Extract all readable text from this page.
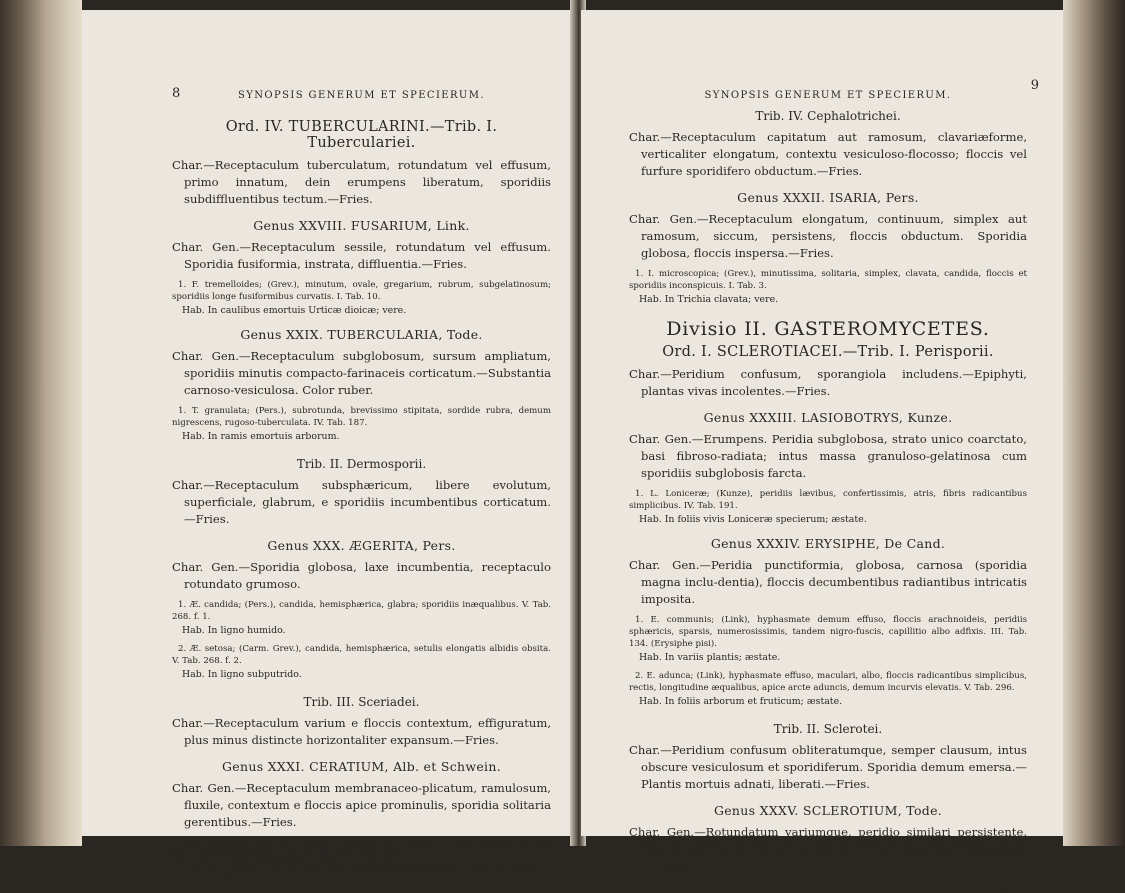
8	SYNOPSIS GENERUM ET SPECIERUM.
Ord. IV. TUBERCULARINI.—Trib. I. Tuberculariei.

Char.—Receptaculum tuberculatum, rotundatum vel effusum, primo innatum, dein erumpens liberatum, sporidiis subdiffluentibus tectum.—Fries.

Genus XXVIII. FUSARIUM, Link.

Char. Gen.—Receptaculum sessile, rotundatum vel effusum. Sporidia fusiformia, instrata, diffluentia.—Fries.

1. F. tremelloides; (Grev.), minutum, ovale, gregarium, rubrum, subgelatinosum; sporidiis longe fusiformibus curvatis. I. Tab. 10.

Hab. In caulibus emortuis Urticæ dioicæ; vere.

Genus XXIX. TUBERCULARIA, Tode.

Char. Gen.—Receptaculum subglobosum, sursum ampliatum, sporidiis minutis compacto-farinaceis corticatum.—Substantia carnoso-vesiculosa. Color ruber.

1. T. granulata; (Pers.), subrotunda, brevissimo stipitata, sordide rubra, demum nigrescens, rugoso-tuberculata. IV. Tab. 187.

Hab. In ramis emortuis arborum.

Trib. II. Dermosporii.

Char.—Receptaculum subsphæricum, libere evolutum, superficiale, glabrum, e sporidiis incumbentibus corticatum.—Fries.

Genus XXX. ÆGERITA, Pers.

Char. Gen.—Sporidia globosa, laxe incumbentia, receptaculo rotundato grumoso.

1. Æ. candida; (Pers.), candida, hemisphærica, glabra; sporidiis inæqualibus. V. Tab. 268. f. 1.

Hab. In ligno humido.

2. Æ. setosa; (Carm. Grev.), candida, hemisphærica, setulis elongatis albidis obsita. V. Tab. 268. f. 2.

Hab. In ligno subputrido.

Trib. III. Sceriadei.

Char.—Receptaculum varium e floccis contextum, effiguratum, plus minus distincte horizontaliter expansum.—Fries.

Genus XXXI. CERATIUM, Alb. et Schwein.

Char. Gen.—Receptaculum membranaceo-plicatum, ramulosum, fluxile, contextum e floccis apice prominulis, sporidia solitaria gerentibus.—Fries.

1. C. hydnoides; (Alb. et Schw.), congestum; receptaculum erectum, subconfluens, ramis simplicibus, fasciculatis, obtusis. III. Tab. 168.

Hab. In ligno putrido, raro in Muscis, foliis emortuis, &c.; vere et autumno.

SYNOPSIS GENERUM ET SPECIERUM.
9
Trib. IV. Cephalotrichei.

Char.—Receptaculum capitatum aut ramosum, clavariæforme, verticaliter elongatum, contextu vesiculoso-flocosso; floccis vel furfure sporidifero obductum.—Fries.

Genus XXXII. ISARIA, Pers.

Char. Gen.—Receptaculum elongatum, continuum, simplex aut ramosum, siccum, persistens, floccis obductum. Sporidia globosa, floccis inspersa.—Fries.

1. I. microscopica; (Grev.), minutissima, solitaria, simplex, clavata, candida, floccis et sporidiis inconspicuis. I. Tab. 3.

Hab. In Trichia clavata; vere.

Divisio II. GASTEROMYCETES.
Ord. I. SCLEROTIACEI.—Trib. I. Perisporii.

Char.—Peridium confusum, sporangiola includens.—Epiphyti, plantas vivas incolentes.—Fries.

Genus XXXIII. LASIOBOTRYS, Kunze.

Char. Gen.—Erumpens. Peridia subglobosa, strato unico coarctato, basi fibroso-radiata; intus massa granuloso-gelatinosa cum sporidiis subglobosis farcta.

1. L. Loniceræ; (Kunze), peridiis lævibus, confertissimis, atris, fibris radicantibus simplicibus. IV. Tab. 191.

Hab. In foliis vivis Loniceræ specierum; æstate.

Genus XXXIV. ERYSIPHE, De Cand.

Char. Gen.—Peridia punctiformia, globosa, carnosa (sporidia magna inclu-dentia), floccis decumbentibus radiantibus intricatis imposita.

1. E. communis; (Link), hyphasmate demum effuso, floccis arachnoideis, peridiis sphæricis, sparsis, numerosissimis, tandem nigro-fuscis, capillitio albo adfixis. III. Tab. 134. (Erysiphe pisi).

Hab. In variis plantis; æstate.

2. E. adunca; (Link), hyphasmate effuso, maculari, albo, floccis radicantibus simplicibus, rectis, longitudine æqualibus, apice arcte aduncis, demum incurvis elevatis. V. Tab. 296.

Hab. In foliis arborum et fruticum; æstate.

Trib. II. Sclerotei.

Char.—Peridium confusum obliteratumque, semper clausum, intus obscure vesiculosum et sporidiferum. Sporidia demum emersa.—Plantis mortuis adnati, liberati.—Fries.

Genus XXXV. SCLEROTIUM, Tode.

Char. Gen.—Rotundatum variumque, peridio similari persistente, sporidiis obscure farctum, undique demum emersis obsoletisque.—Fries.

b
